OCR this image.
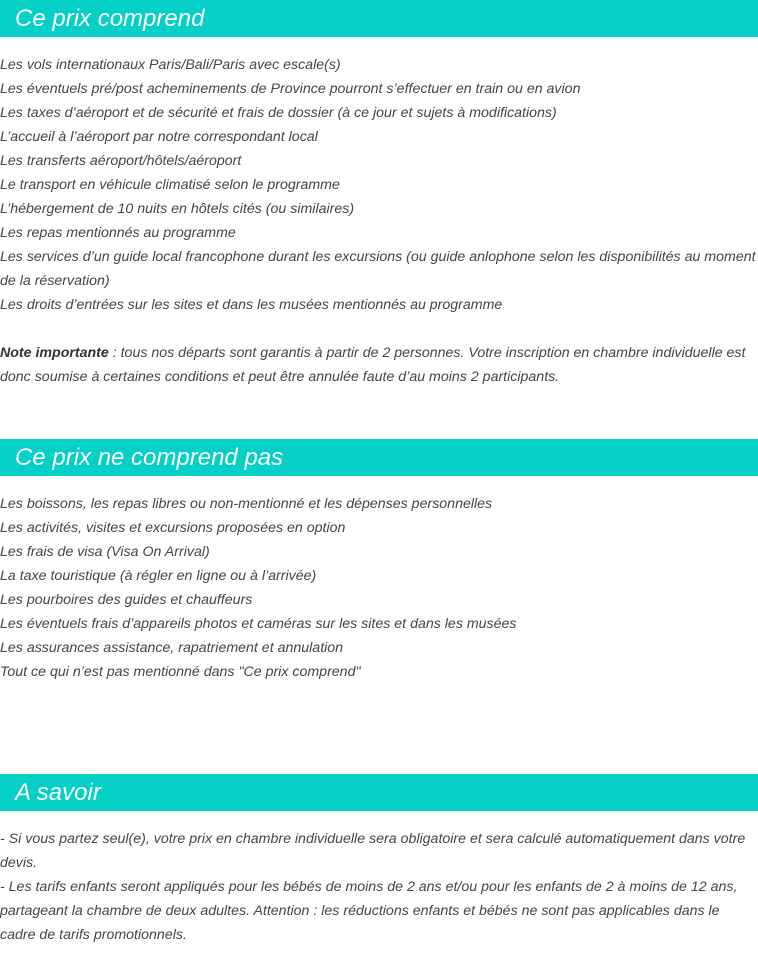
Ce prix comprend

Les vols internationaux Paris/Bali/Paris avec escale(s)

Les éventuels pré/post acheminements de Province pourront s’effectuer en train ou en avion

Les taxes d’aéroport et de sécurité et frais de dossier (à ce jour et sujets à modifications)

L’accueil à l’aéroport par notre correspondant local

Les transferts aéroport/hôtels/aéroport

Le transport en véhicule climatisé selon le programme

L’hébergement de 10 nuits en hôtels cités (ou similaires)

Les repas mentionnés au programme

Les services d’un guide local francophone durant les excursions (ou guide anlophone selon les disponibilités au moment de la réservation)

Les droits d’entrées sur les sites et dans les musées mentionnés au programme

Note importante : tous nos départs sont garantis à partir de 2 personnes. Votre inscription en chambre individuelle est donc soumise à certaines conditions et peut être annulée faute d’au moins 2 participants.

Ce prix ne comprend pas

Les boissons, les repas libres ou non-mentionné et les dépenses personnelles

Les activités, visites et excursions proposées en option

Les frais de visa (Visa On Arrival)

La taxe touristique (à régler en ligne ou à l’arrivée)

Les pourboires des guides et chauffeurs

Les éventuels frais d’appareils photos et caméras sur les sites et dans les musées

Les assurances assistance, rapatriement et annulation

Tout ce qui n’est pas mentionné dans "Ce prix comprend"

A savoir

- Si vous partez seul(e), votre prix en chambre individuelle sera obligatoire et sera calculé automatiquement dans votre devis.

- Les tarifs enfants seront appliqués pour les bébés de moins de 2 ans et/ou pour les enfants de 2 à moins de 12 ans, partageant la chambre de deux adultes. Attention : les réductions enfants et bébés ne sont pas applicables dans le cadre de tarifs promotionnels.
